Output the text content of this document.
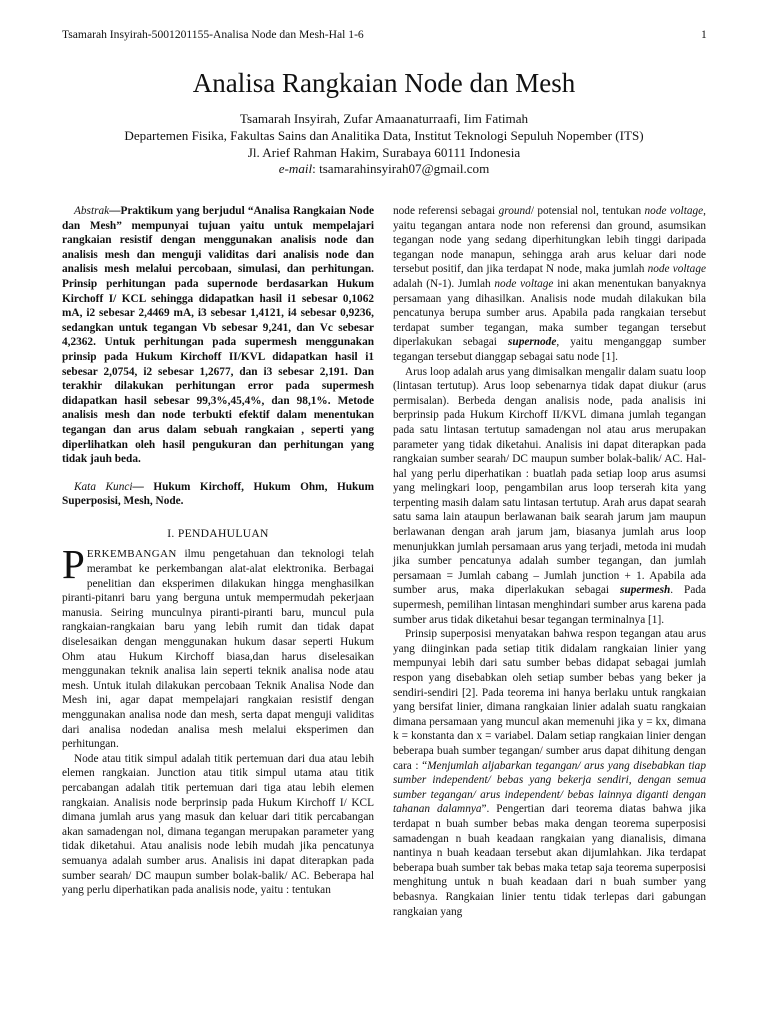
Tsamarah Insyirah-5001201155-Analisa Node dan Mesh-Hal 1-6	1
Analisa Rangkaian Node dan Mesh
Tsamarah Insyirah, Zufar Amaanaturraafi, Iim Fatimah
Departemen Fisika, Fakultas Sains dan Analitika Data, Institut Teknologi Sepuluh Nopember (ITS)
Jl. Arief Rahman Hakim, Surabaya 60111 Indonesia
e-mail: tsamarahinsyirah07@gmail.com

Abstrak—Praktikum yang berjudul “Analisa Rangkaian Node dan Mesh” mempunyai tujuan yaitu untuk mempelajari rangkaian resistif dengan menggunakan analisis node dan analisis mesh dan menguji validitas dari analisis node dan analisis mesh melalui percobaan, simulasi, dan perhitungan. Prinsip perhitungan pada supernode berdasarkan Hukum Kirchoff I/ KCL sehingga didapatkan hasil i1 sebesar 0,1062 mA, i2 sebesar 2,4469 mA, i3 sebesar 1,4121, i4 sebesar 0,9236, sedangkan untuk tegangan Vb sebesar 9,241, dan Vc sebesar 4,2362. Untuk perhitungan pada supermesh menggunakan prinsip pada Hukum Kirchoff II/KVL didapatkan hasil i1 sebesar 2,0754, i2 sebesar 1,2677, dan i3 sebesar 2,191. Dan terakhir dilakukan perhitungan error pada supermesh didapatkan hasil sebesar 99,3%,45,4%, dan 98,1%. Metode analisis mesh dan node terbukti efektif dalam menentukan tegangan dan arus dalam sebuah rangkaian , seperti yang diperlihatkan oleh hasil pengukuran dan perhitungan yang tidak jauh beda.

Kata Kunci— Hukum Kirchoff, Hukum Ohm, Hukum Superposisi, Mesh, Node.

I. PENDAHULUAN

PERKEMBANGAN ilmu pengetahuan dan teknologi telah merambat ke perkembangan alat-alat elektronika. Berbagai penelitian dan eksperimen dilakukan hingga menghasilkan piranti-pitanri baru yang berguna untuk mempermudah pekerjaan manusia. Seiring munculnya piranti-piranti baru, muncul pula rangkaian-rangkaian baru yang lebih rumit dan tidak dapat diselesaikan dengan menggunakan hukum dasar seperti Hukum Ohm atau Hukum Kirchoff biasa,dan harus diselesaikan menggunakan teknik analisa lain seperti teknik analisa node atau mesh. Untuk itulah dilakukan percobaan Teknik Analisa Node dan Mesh ini, agar dapat mempelajari rangkaian resistif dengan menggunakan analisa node dan mesh, serta dapat menguji validitas dari analisa nodedan analisa mesh melalui eksperimen dan perhitungan.

Node atau titik simpul adalah titik pertemuan dari dua atau lebih elemen rangkaian. Junction atau titik simpul utama atau titik percabangan adalah titik pertemuan dari tiga atau lebih elemen rangkaian. Analisis node berprinsip pada Hukum Kirchoff I/ KCL dimana jumlah arus yang masuk dan keluar dari titik percabangan akan samadengan nol, dimana tegangan merupakan parameter yang tidak diketahui. Atau analisis node lebih mudah jika pencatunya semuanya adalah sumber arus. Analisis ini dapat diterapkan pada sumber searah/ DC maupun sumber bolak-balik/ AC. Beberapa hal yang perlu diperhatikan pada analisis node, yaitu : tentukan

node referensi sebagai ground/ potensial nol, tentukan node voltage, yaitu tegangan antara node non referensi dan ground, asumsikan tegangan node yang sedang diperhitungkan lebih tinggi daripada tegangan node manapun, sehingga arah arus keluar dari node tersebut positif, dan jika terdapat N node, maka jumlah node voltage adalah (N-1). Jumlah node voltage ini akan menentukan banyaknya persamaan yang dihasilkan. Analisis node mudah dilakukan bila pencatunya berupa sumber arus. Apabila pada rangkaian tersebut terdapat sumber tegangan, maka sumber tegangan tersebut diperlakukan sebagai supernode, yaitu menganggap sumber tegangan tersebut dianggap sebagai satu node [1].

Arus loop adalah arus yang dimisalkan mengalir dalam suatu loop (lintasan tertutup). Arus loop sebenarnya tidak dapat diukur (arus permisalan). Berbeda dengan analisis node, pada analisis ini berprinsip pada Hukum Kirchoff II/KVL dimana jumlah tegangan pada satu lintasan tertutup samadengan nol atau arus merupakan parameter yang tidak diketahui. Analisis ini dapat diterapkan pada rangkaian sumber searah/ DC maupun sumber bolak-balik/ AC. Hal-hal yang perlu diperhatikan : buatlah pada setiap loop arus asumsi yang melingkari loop, pengambilan arus loop terserah kita yang terpenting masih dalam satu lintasan tertutup. Arah arus dapat searah satu sama lain ataupun berlawanan baik searah jarum jam maupun berlawanan dengan arah jarum jam, biasanya jumlah arus loop menunjukkan jumlah persamaan arus yang terjadi, metoda ini mudah jika sumber pencatunya adalah sumber tegangan, dan jumlah persamaan = Jumlah cabang – Jumlah junction + 1. Apabila ada sumber arus, maka diperlakukan sebagai supermesh. Pada supermesh, pemilihan lintasan menghindari sumber arus karena pada sumber arus tidak diketahui besar tegangan terminalnya [1].

Prinsip superposisi menyatakan bahwa respon tegangan atau arus yang diinginkan pada setiap titik didalam rangkaian linier yang mempunyai lebih dari satu sumber bebas didapat sebagai jumlah respon yang disebabkan oleh setiap sumber bebas yang beker ja sendiri-sendiri [2]. Pada teorema ini hanya berlaku untuk rangkaian yang bersifat linier, dimana rangkaian linier adalah suatu rangkaian dimana persamaan yang muncul akan memenuhi jika y = kx, dimana k = konstanta dan x = variabel. Dalam setiap rangkaian linier dengan beberapa buah sumber tegangan/ sumber arus dapat dihitung dengan cara : “Menjumlah aljabarkan tegangan/ arus yang disebabkan tiap sumber independent/ bebas yang bekerja sendiri, dengan semua sumber tegangan/ arus independent/ bebas lainnya diganti dengan tahanan dalamnya”. Pengertian dari teorema diatas bahwa jika terdapat n buah sumber bebas maka dengan teorema superposisi samadengan n buah keadaan rangkaian yang dianalisis, dimana nantinya n buah keadaan tersebut akan dijumlahkan. Jika terdapat beberapa buah sumber tak bebas maka tetap saja teorema superposisi menghitung untuk n buah keadaan dari n buah sumber yang bebasnya. Rangkaian linier tentu tidak terlepas dari gabungan rangkaian yang
